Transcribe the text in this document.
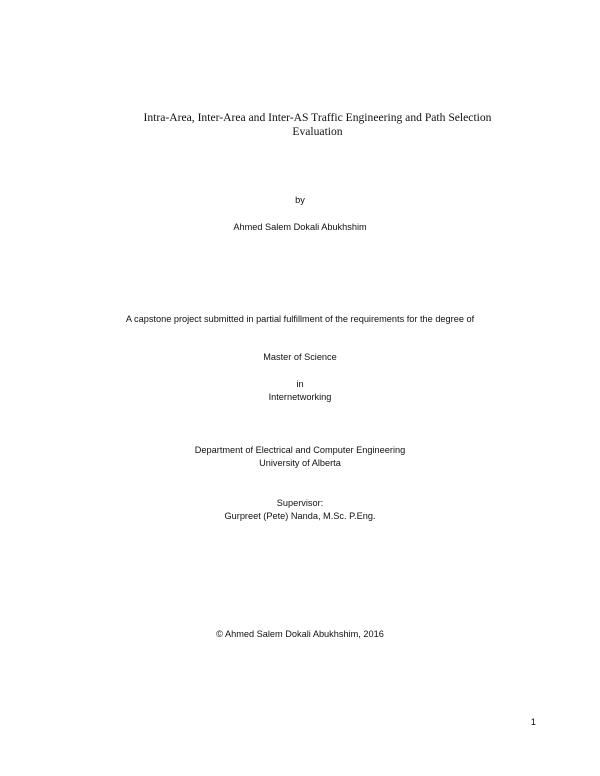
Intra-Area, Inter-Area and Inter-AS Traffic Engineering and Path Selection
Evaluation
by
Ahmed Salem Dokali Abukhshim
A capstone project submitted in partial fulfillment of the requirements for the degree of
Master of Science
in
Internetworking
Department of Electrical and Computer Engineering
University of Alberta
Supervisor:
Gurpreet (Pete) Nanda, M.Sc. P.Eng.
© Ahmed Salem Dokali Abukhshim, 2016
1
